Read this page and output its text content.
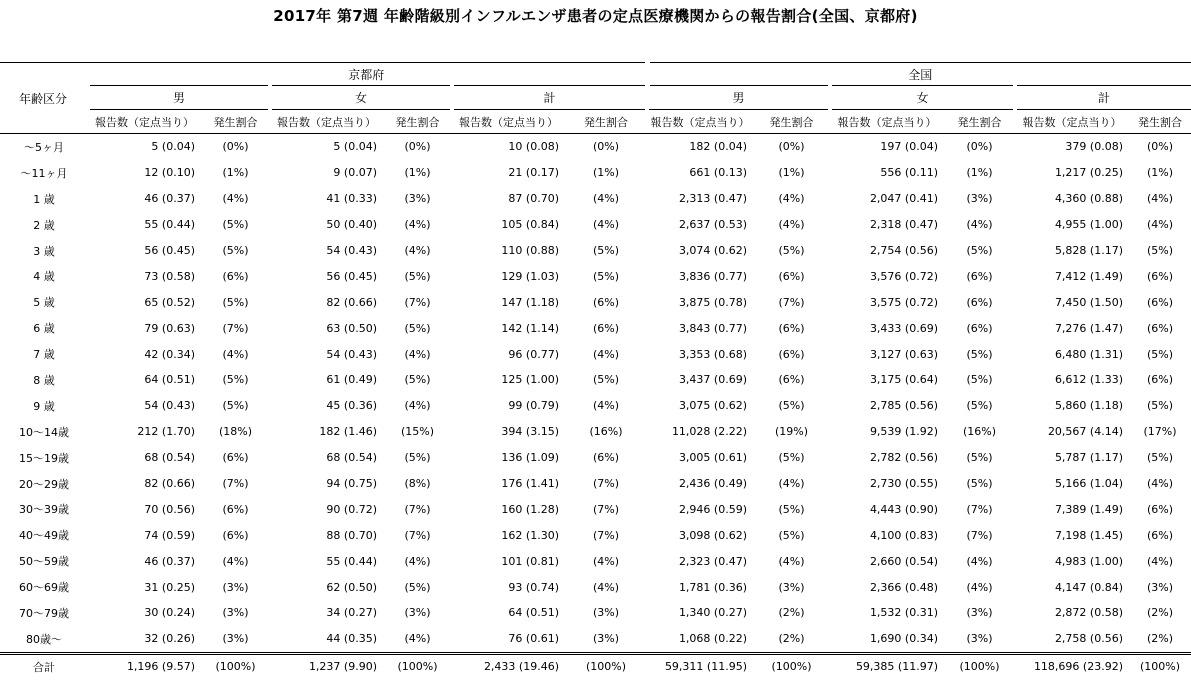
2017年 第7週 年齢階級別インフルエンザ患者の定点医療機関からの報告割合(全国、京都府)
年齢区分	京都府						全国					
	男		女		計		男		女		計	
	報告数（定点当り）	発生割合	報告数（定点当り）	発生割合	報告数（定点当り）	発生割合	報告数（定点当り）	発生割合	報告数（定点当り）	発生割合	報告数（定点当り）	発生割合
～5ヶ月	5 (0.04)	(0%)	5 (0.04)	(0%)	10 (0.08)	(0%)	182 (0.04)	(0%)	197 (0.04)	(0%)	379 (0.08)	(0%)
～11ヶ月	12 (0.10)	(1%)	9 (0.07)	(1%)	21 (0.17)	(1%)	661 (0.13)	(1%)	556 (0.11)	(1%)	1,217 (0.25)	(1%)
1 歳	46 (0.37)	(4%)	41 (0.33)	(3%)	87 (0.70)	(4%)	2,313 (0.47)	(4%)	2,047 (0.41)	(3%)	4,360 (0.88)	(4%)
2 歳	55 (0.44)	(5%)	50 (0.40)	(4%)	105 (0.84)	(4%)	2,637 (0.53)	(4%)	2,318 (0.47)	(4%)	4,955 (1.00)	(4%)
3 歳	56 (0.45)	(5%)	54 (0.43)	(4%)	110 (0.88)	(5%)	3,074 (0.62)	(5%)	2,754 (0.56)	(5%)	5,828 (1.17)	(5%)
4 歳	73 (0.58)	(6%)	56 (0.45)	(5%)	129 (1.03)	(5%)	3,836 (0.77)	(6%)	3,576 (0.72)	(6%)	7,412 (1.49)	(6%)
5 歳	65 (0.52)	(5%)	82 (0.66)	(7%)	147 (1.18)	(6%)	3,875 (0.78)	(7%)	3,575 (0.72)	(6%)	7,450 (1.50)	(6%)
6 歳	79 (0.63)	(7%)	63 (0.50)	(5%)	142 (1.14)	(6%)	3,843 (0.77)	(6%)	3,433 (0.69)	(6%)	7,276 (1.47)	(6%)
7 歳	42 (0.34)	(4%)	54 (0.43)	(4%)	96 (0.77)	(4%)	3,353 (0.68)	(6%)	3,127 (0.63)	(5%)	6,480 (1.31)	(5%)
8 歳	64 (0.51)	(5%)	61 (0.49)	(5%)	125 (1.00)	(5%)	3,437 (0.69)	(6%)	3,175 (0.64)	(5%)	6,612 (1.33)	(6%)
9 歳	54 (0.43)	(5%)	45 (0.36)	(4%)	99 (0.79)	(4%)	3,075 (0.62)	(5%)	2,785 (0.56)	(5%)	5,860 (1.18)	(5%)
10～14歳	212 (1.70)	(18%)	182 (1.46)	(15%)	394 (3.15)	(16%)	11,028 (2.22)	(19%)	9,539 (1.92)	(16%)	20,567 (4.14)	(17%)
15～19歳	68 (0.54)	(6%)	68 (0.54)	(5%)	136 (1.09)	(6%)	3,005 (0.61)	(5%)	2,782 (0.56)	(5%)	5,787 (1.17)	(5%)
20～29歳	82 (0.66)	(7%)	94 (0.75)	(8%)	176 (1.41)	(7%)	2,436 (0.49)	(4%)	2,730 (0.55)	(5%)	5,166 (1.04)	(4%)
30～39歳	70 (0.56)	(6%)	90 (0.72)	(7%)	160 (1.28)	(7%)	2,946 (0.59)	(5%)	4,443 (0.90)	(7%)	7,389 (1.49)	(6%)
40～49歳	74 (0.59)	(6%)	88 (0.70)	(7%)	162 (1.30)	(7%)	3,098 (0.62)	(5%)	4,100 (0.83)	(7%)	7,198 (1.45)	(6%)
50～59歳	46 (0.37)	(4%)	55 (0.44)	(4%)	101 (0.81)	(4%)	2,323 (0.47)	(4%)	2,660 (0.54)	(4%)	4,983 (1.00)	(4%)
60～69歳	31 (0.25)	(3%)	62 (0.50)	(5%)	93 (0.74)	(4%)	1,781 (0.36)	(3%)	2,366 (0.48)	(4%)	4,147 (0.84)	(3%)
70～79歳	30 (0.24)	(3%)	34 (0.27)	(3%)	64 (0.51)	(3%)	1,340 (0.27)	(2%)	1,532 (0.31)	(3%)	2,872 (0.58)	(2%)
80歳～	32 (0.26)	(3%)	44 (0.35)	(4%)	76 (0.61)	(3%)	1,068 (0.22)	(2%)	1,690 (0.34)	(3%)	2,758 (0.56)	(2%)
合計	1,196 (9.57)	(100%)	1,237 (9.90)	(100%)	2,433 (19.46)	(100%)	59,311 (11.95)	(100%)	59,385 (11.97)	(100%)	118,696 (23.92)	(100%)
